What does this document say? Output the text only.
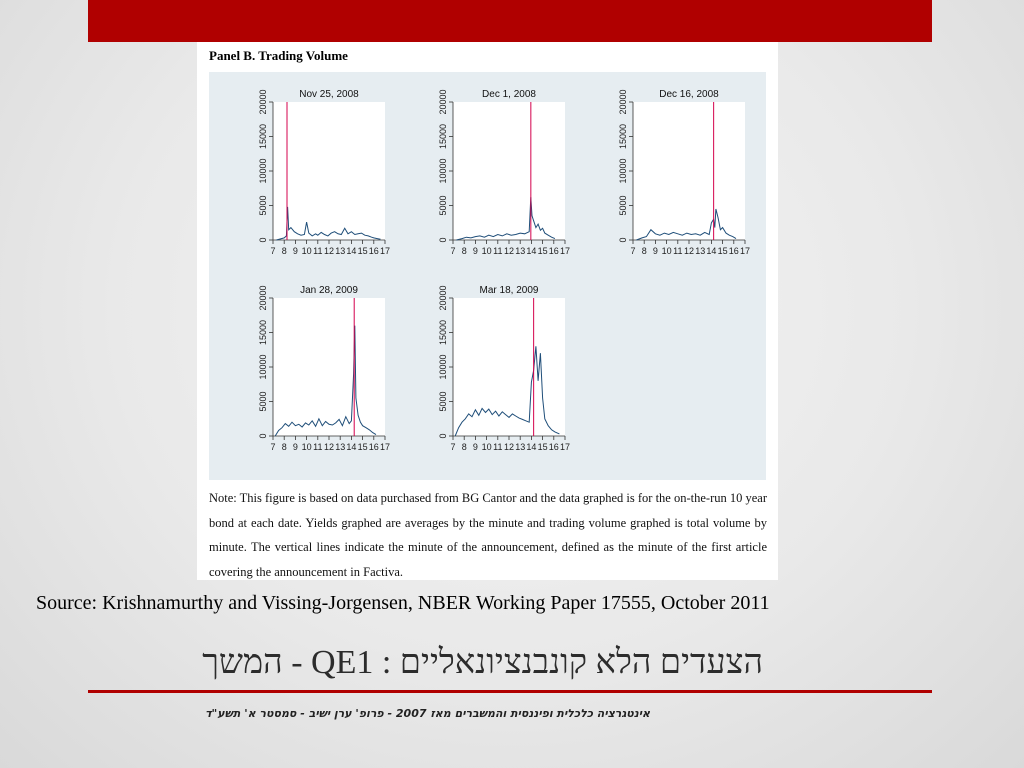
Panel B. Trading Volume
Nov 25, 2008
0
5000
10000
15000
20000
7 8 9 10 11 12 13 14 15 16 17
Dec 1, 2008
0
5000
10000
15000
20000
7 8 9 10 11 12 13 14 15 16 17
Dec 16, 2008
0
5000
10000
15000
20000
7 8 9 10 11 12 13 14 15 16 17
Jan 28, 2009
0
5000
10000
15000
20000
7 8 9 10 11 12 13 14 15 16 17
Mar 18, 2009
0
5000
10000
15000
20000
7 8 9 10 11 12 13 14 15 16 17

Note: This figure is based on data purchased from BG Cantor and the data graphed is for the on-the-run 10 year bond at each date. Yields graphed are averages by the minute and trading volume graphed is total volume by minute. The vertical lines indicate the minute of the announcement, defined as the minute of the first article covering the announcement in Factiva.

Source: Krishnamurthy and Vissing-Jorgensen, NBER Working Paper 17555, October 2011

הצעדים הלא קונבנציונאליים : QE1 - המשך

אינטגרציה כלכלית ופיננסית והמשברים מאז 2007 - פרופ' ערן ישיב - סמסטר א' תשע"ד
